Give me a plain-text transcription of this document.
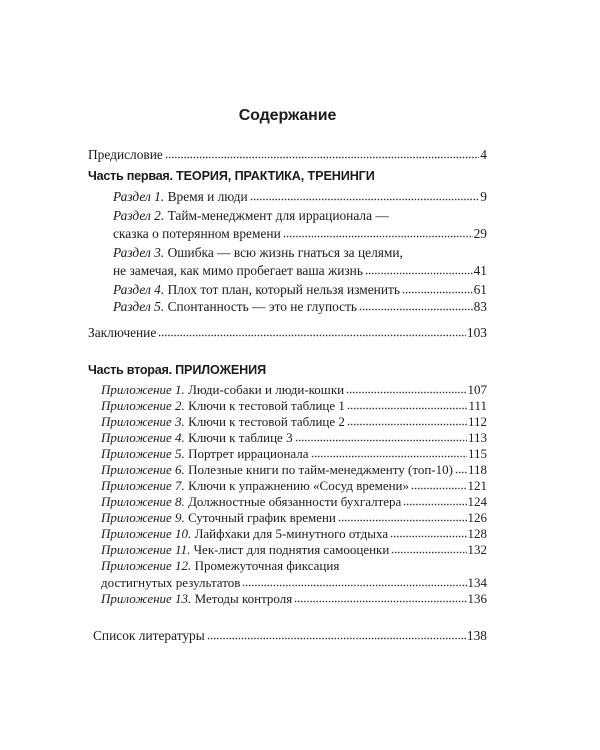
Содержание
Предисловие	4
Часть первая. ТЕОРИЯ, ПРАКТИКА, ТРЕНИНГИ
Раздел 1. Время и люди	9
Раздел 2. Тайм-менеджмент для иррационала —
сказка о потерянном времени	29
Раздел 3. Ошибка — всю жизнь гнаться за целями,
не замечая, как мимо пробегает ваша жизнь	41
Раздел 4. Плох тот план, который нельзя изменить	61
Раздел 5. Спонтанность — это не глупость	83
Заключение	103
Часть вторая. ПРИЛОЖЕНИЯ
Приложение 1. Люди-собаки и люди-кошки	107
Приложение 2. Ключи к тестовой таблице 1	111
Приложение 3. Ключи к тестовой таблице 2	112
Приложение 4. Ключи к таблице 3	113
Приложение 5. Портрет иррационала	115
Приложение 6. Полезные книги по тайм-менеджменту (топ-10) 118
Приложение 7. Ключи к упражнению «Сосуд времени»	121
Приложение 8. Должностные обязанности бухгалтера	124
Приложение 9. Суточный график времени	126
Приложение 10. Лайфхаки для 5-минутного отдыха	128
Приложение 11. Чек-лист для поднятия самооценки	132
Приложение 12. Промежуточная фиксация
достигнутых результатов	134
Приложение 13. Методы контроля	136
Список литературы	138
